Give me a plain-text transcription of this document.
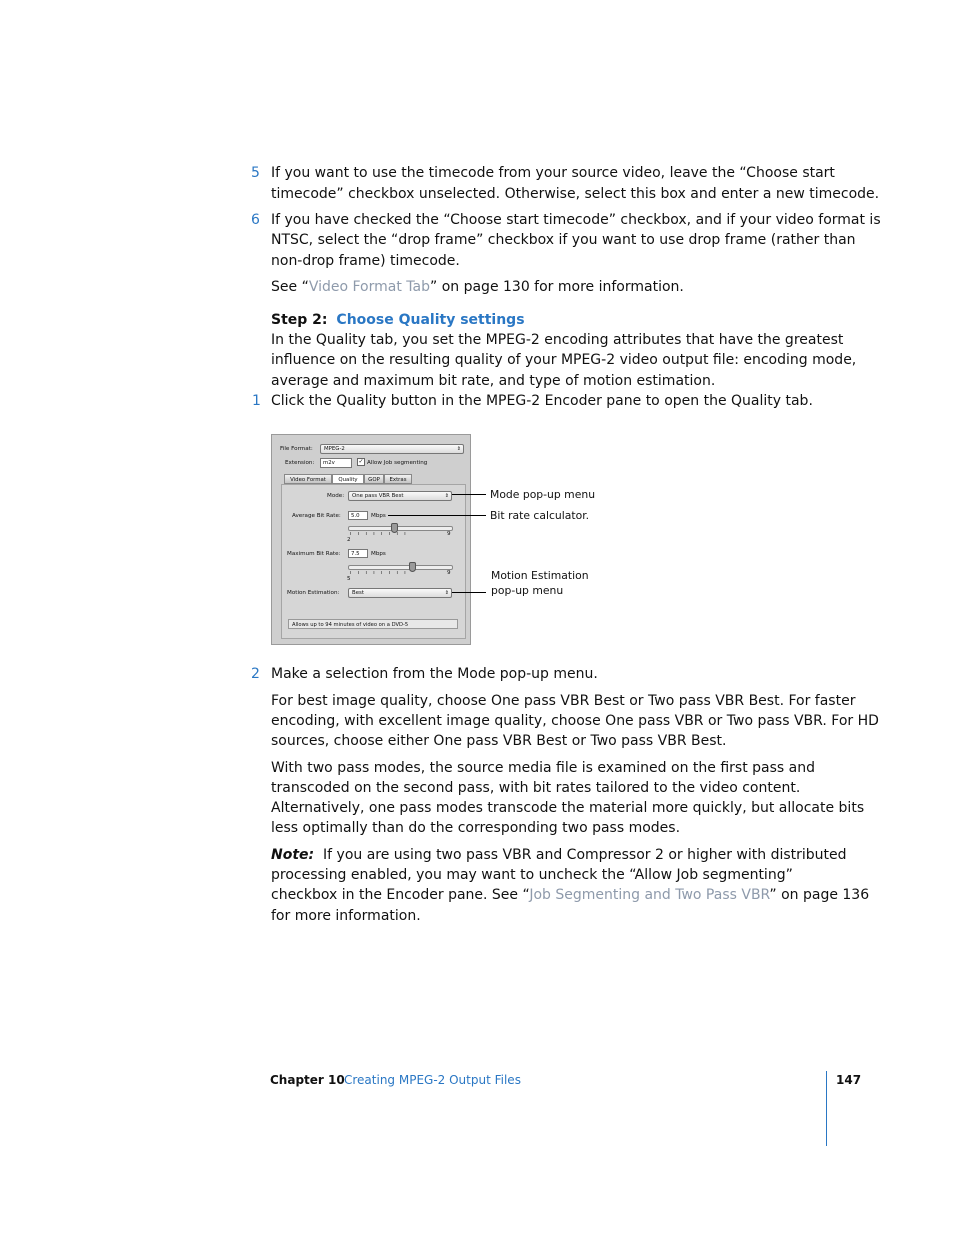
5 If you want to use the timecode from your source video, leave the “Choose start
timecode” checkbox unselected. Otherwise, select this box and enter a new timecode.
6 If you have checked the “Choose start timecode” checkbox, and if your video format is
NTSC, select the “drop frame” checkbox if you want to use drop frame (rather than
non-drop frame) timecode.
See “Video Format Tab” on page 130 for more information.
Step 2: Choose Quality settings
In the Quality tab, you set the MPEG-2 encoding attributes that have the greatest
influence on the resulting quality of your MPEG-2 video output file: encoding mode,
average and maximum bit rate, and type of motion estimation.
1 Click the Quality button in the MPEG-2 Encoder pane to open the Quality tab.
File Format:	MPEG-2	⇕
Extension:	m2v	✓ Allow Job segmenting
Video Format	Quality	GOP	Extras
Mode:	One pass VBR Best	⇕
Average Bit Rate:	5.0	Mbps
ı    ı    ı    ı    ı    ı    ı    ı
2
9
Maximum Bit Rate:	7.5	Mbps
ı    ı    ı    ı    ı    ı    ı    ı
5
9
Motion Estimation:	Best	⇕
Allows up to 94 minutes of video on a DVD-5
Mode pop-up menu
Bit rate calculator.
Motion Estimation
pop-up menu
2 Make a selection from the Mode pop-up menu.
For best image quality, choose One pass VBR Best or Two pass VBR Best. For faster
encoding, with excellent image quality, choose One pass VBR or Two pass VBR. For HD
sources, choose either One pass VBR Best or Two pass VBR Best.
With two pass modes, the source media file is examined on the first pass and
transcoded on the second pass, with bit rates tailored to the video content.
Alternatively, one pass modes transcode the material more quickly, but allocate bits
less optimally than do the corresponding two pass modes.
Note: If you are using two pass VBR and Compressor 2 or higher with distributed
processing enabled, you may want to uncheck the “Allow Job segmenting”
checkbox in the Encoder pane. See “Job Segmenting and Two Pass VBR” on page 136
for more information.
Chapter 10 Creating MPEG-2 Output Files	147
